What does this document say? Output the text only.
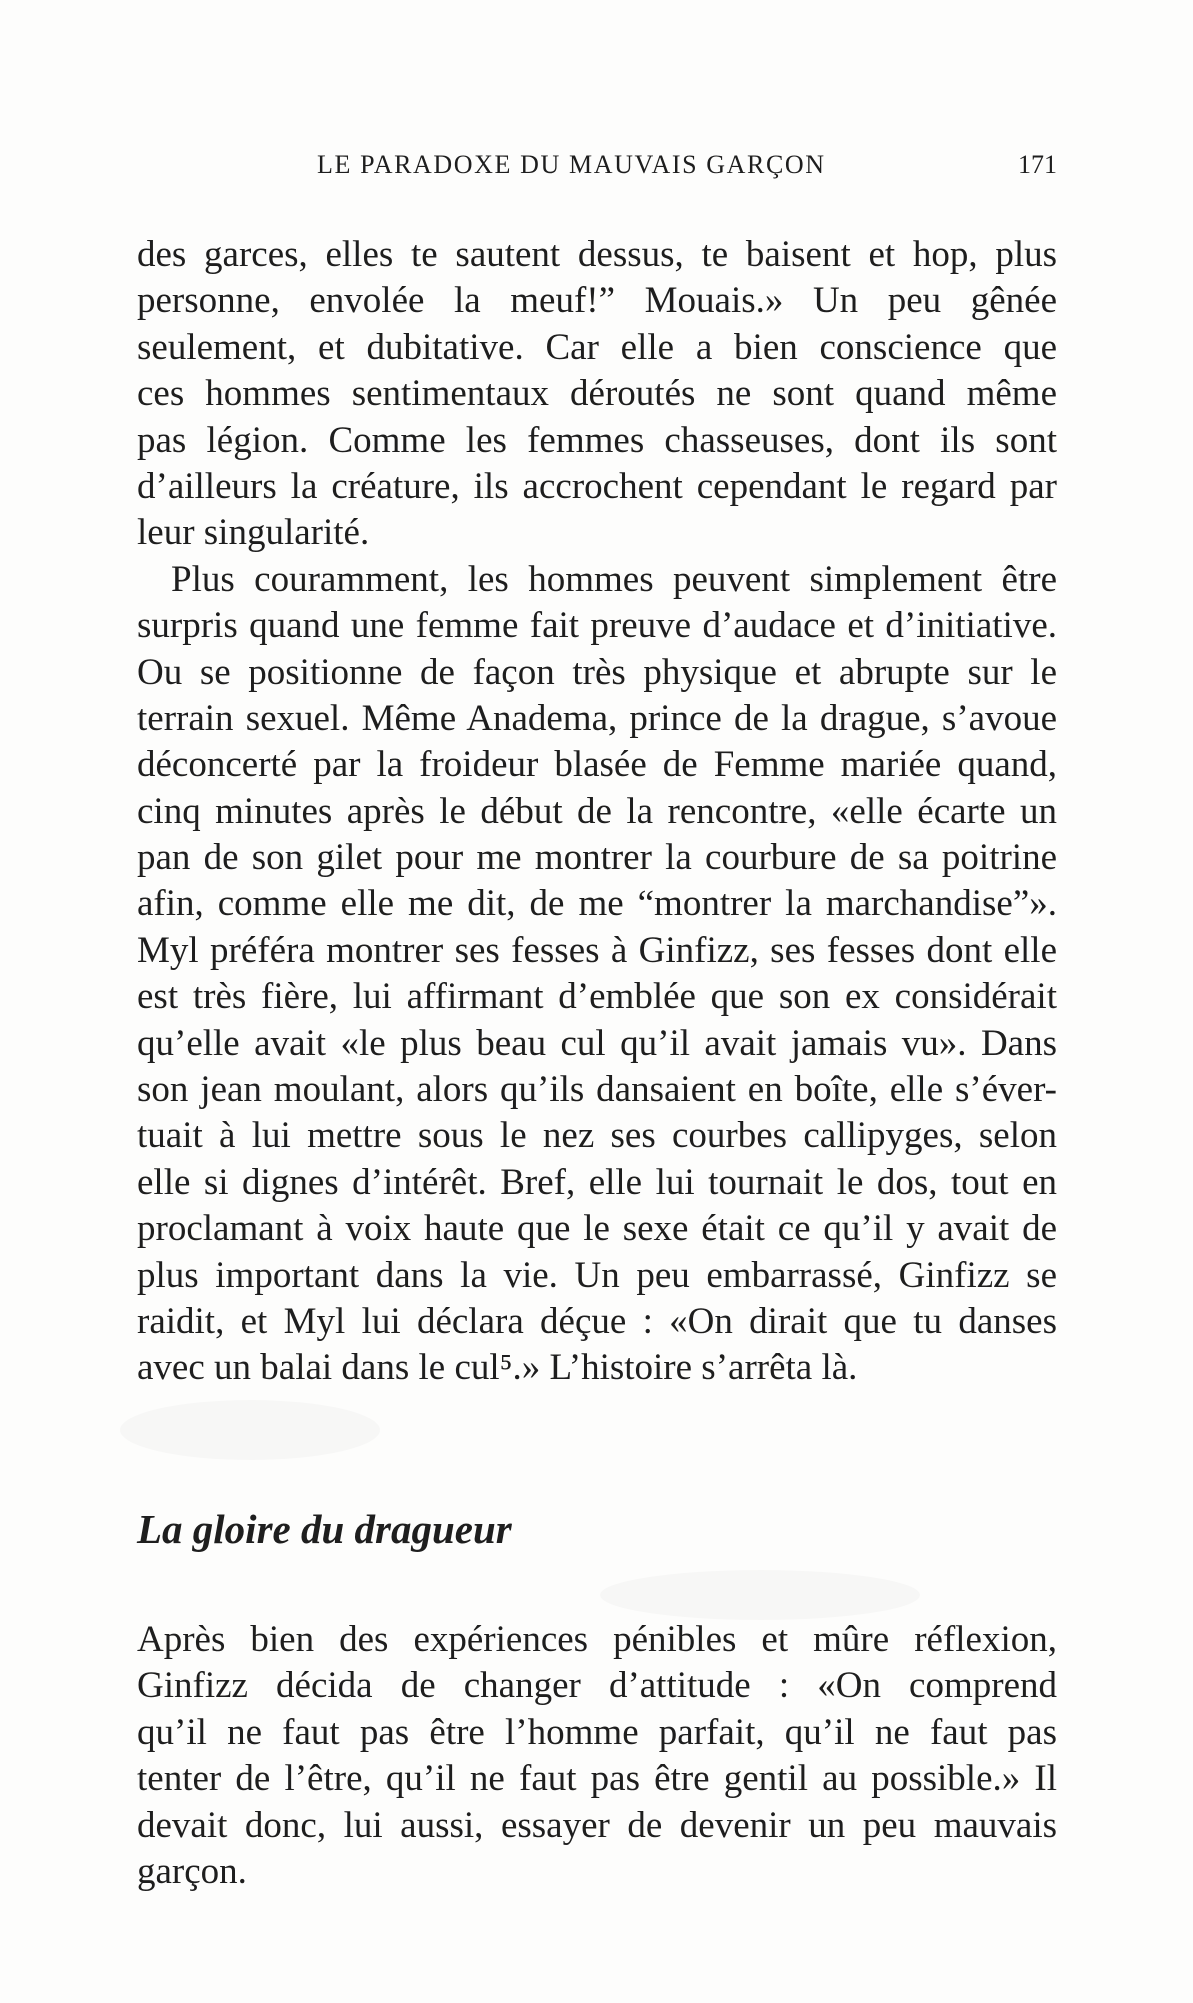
LE PARADOXE DU MAUVAIS GARÇON	171
des garces, elles te sautent dessus, te baisent et hop, plus
personne, envolée la meuf!” Mouais.» Un peu gênée
seulement, et dubitative. Car elle a bien conscience que
ces hommes sentimentaux déroutés ne sont quand même
pas légion. Comme les femmes chasseuses, dont ils sont
d’ailleurs la créature, ils accrochent cependant le regard par
leur singularité.
Plus couramment, les hommes peuvent simplement être
surpris quand une femme fait preuve d’audace et d’initiative.
Ou se positionne de façon très physique et abrupte sur le
terrain sexuel. Même Anadema, prince de la drague, s’avoue
déconcerté par la froideur blasée de Femme mariée quand,
cinq minutes après le début de la rencontre, «elle écarte un
pan de son gilet pour me montrer la courbure de sa poitrine
afin, comme elle me dit, de me “montrer la marchandise”».
Myl préféra montrer ses fesses à Ginfizz, ses fesses dont elle
est très fière, lui affirmant d’emblée que son ex considérait
qu’elle avait «le plus beau cul qu’il avait jamais vu». Dans
son jean moulant, alors qu’ils dansaient en boîte, elle s’éver-
tuait à lui mettre sous le nez ses courbes callipyges, selon
elle si dignes d’intérêt. Bref, elle lui tournait le dos, tout en
proclamant à voix haute que le sexe était ce qu’il y avait de
plus important dans la vie. Un peu embarrassé, Ginfizz se
raidit, et Myl lui déclara déçue : «On dirait que tu danses
avec un balai dans le cul⁵.» L’histoire s’arrêta là.
La gloire du dragueur
Après bien des expériences pénibles et mûre réflexion,
Ginfizz décida de changer d’attitude : «On comprend
qu’il ne faut pas être l’homme parfait, qu’il ne faut pas
tenter de l’être, qu’il ne faut pas être gentil au possible.» Il
devait donc, lui aussi, essayer de devenir un peu mauvais
garçon.
